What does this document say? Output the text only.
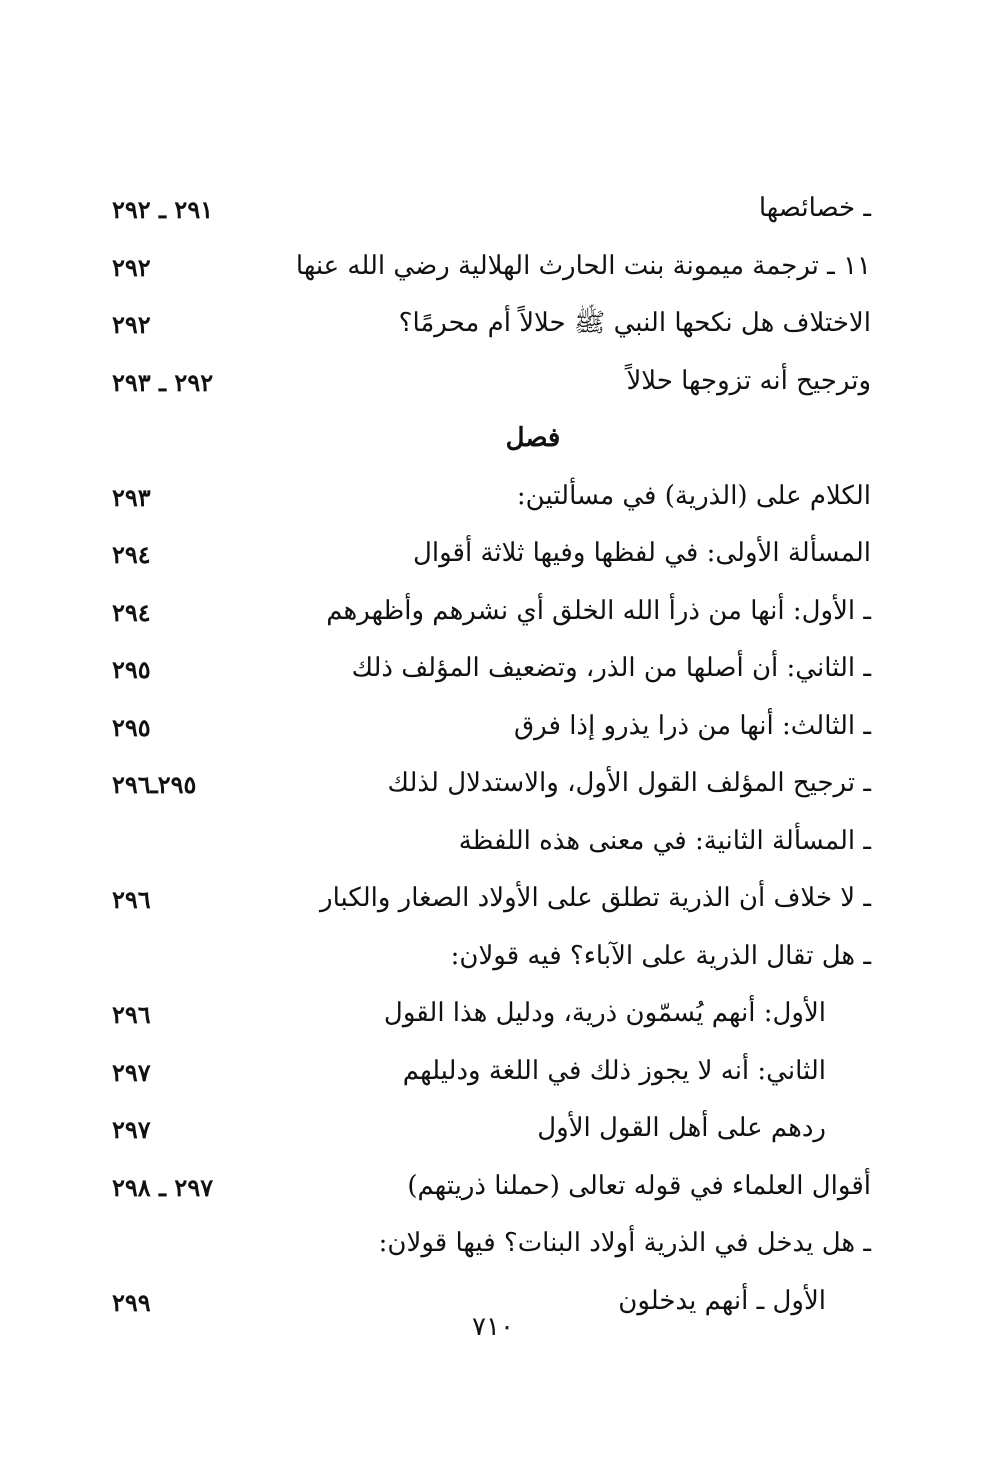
ـ خصائصها
٢٩١ ـ ٢٩٢
١١ ـ ترجمة ميمونة بنت الحارث الهلالية رضي الله عنها
٢٩٢
الاختلاف هل نكحها النبي ﷺ حلالاً أم محرمًا؟
٢٩٢
وترجيح أنه تزوجها حلالاً
٢٩٢ ـ ٢٩٣
فصل
الكلام على (الذرية) في مسألتين:
٢٩٣
المسألة الأولى: في لفظها وفيها ثلاثة أقوال
٢٩٤
ـ الأول: أنها من ذرأ الله الخلق أي نشرهم وأظهرهم
٢٩٤
ـ الثاني: أن أصلها من الذر، وتضعيف المؤلف ذلك
٢٩٥
ـ الثالث: أنها من ذرا يذرو إذا فرق
٢٩٥
ـ ترجيح المؤلف القول الأول، والاستدلال لذلك
٢٩٥ـ٢٩٦
ـ المسألة الثانية: في معنى هذه اللفظة
ـ لا خلاف أن الذرية تطلق على الأولاد الصغار والكبار
٢٩٦
ـ هل تقال الذرية على الآباء؟ فيه قولان:
الأول: أنهم يُسمّون ذرية، ودليل هذا القول
٢٩٦
الثاني: أنه لا يجوز ذلك في اللغة ودليلهم
٢٩٧
ردهم على أهل القول الأول
٢٩٧
أقوال العلماء في قوله تعالى (حملنا ذريتهم)
٢٩٧ ـ ٢٩٨
ـ هل يدخل في الذرية أولاد البنات؟ فيها قولان:
الأول ـ أنهم يدخلون
٢٩٩
٧١٠
